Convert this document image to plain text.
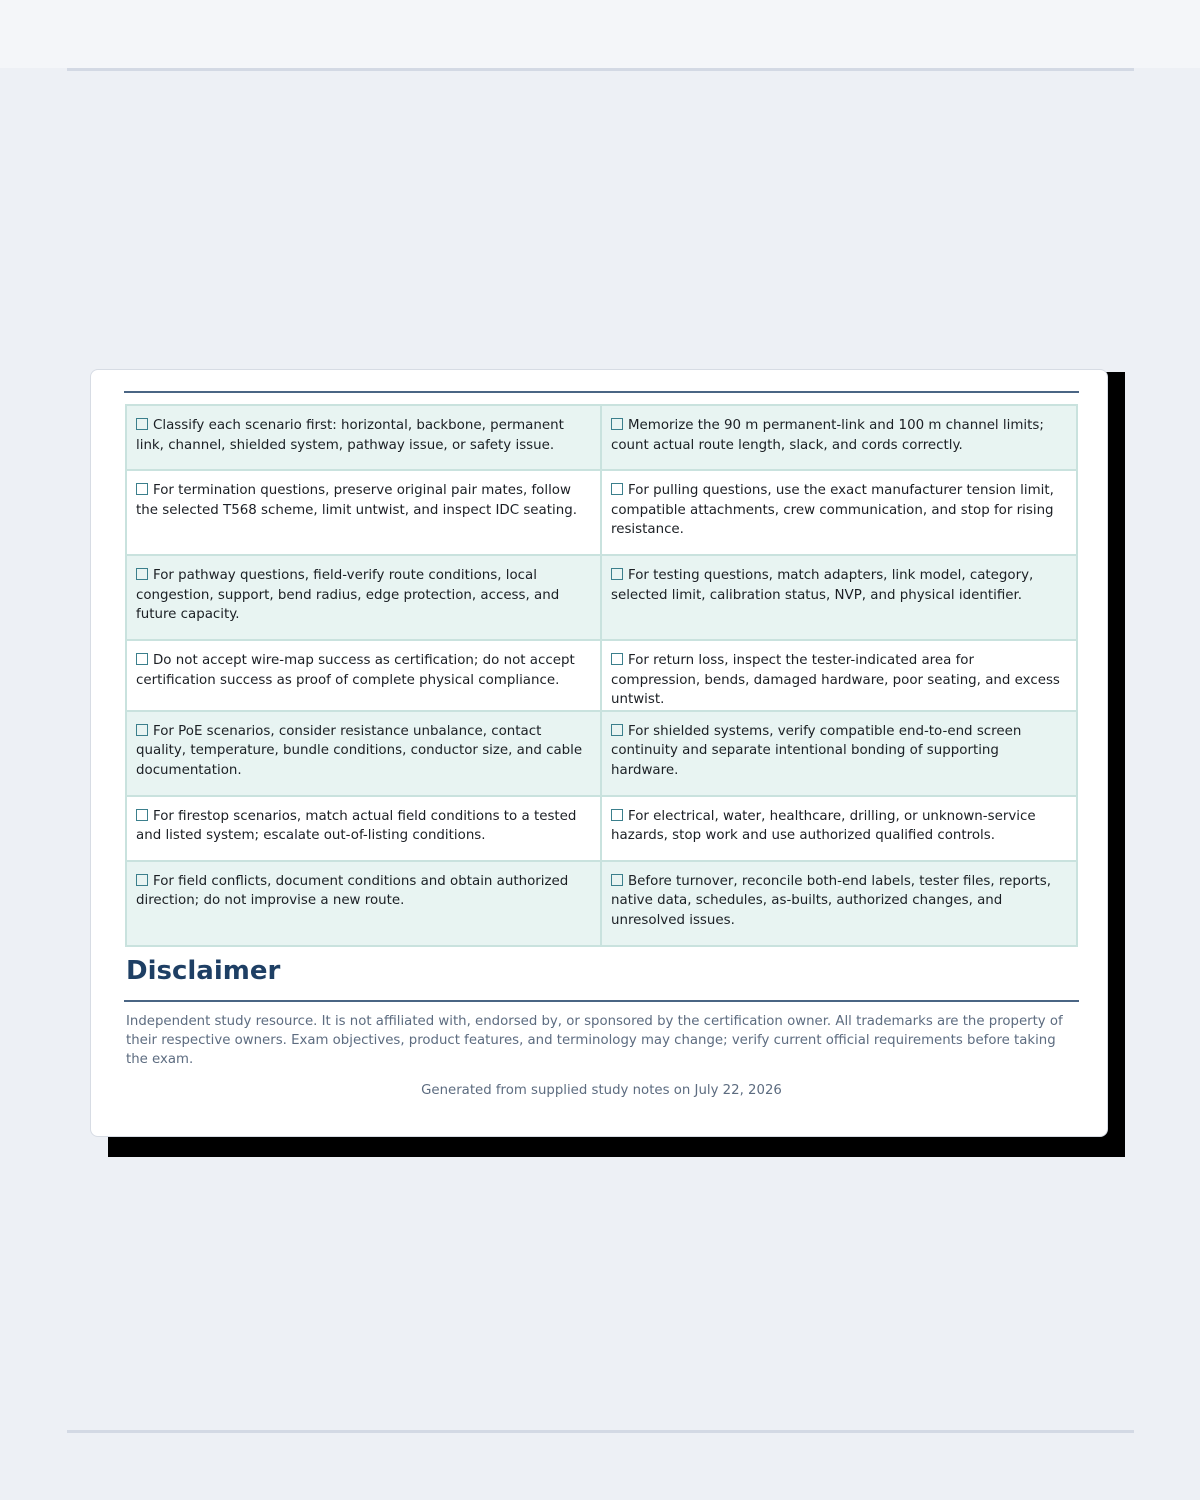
Classify each scenario first: horizontal, backbone, permanent link, channel, shielded system, pathway issue, or safety issue.	Memorize the 90 m permanent-link and 100 m channel limits; count actual route length, slack, and cords correctly.
For termination questions, preserve original pair mates, follow the selected T568 scheme, limit untwist, and inspect IDC seating.	For pulling questions, use the exact manufacturer tension limit, compatible attachments, crew communication, and stop for rising resistance.
For pathway questions, field-verify route conditions, local congestion, support, bend radius, edge protection, access, and future capacity.	For testing questions, match adapters, link model, category, selected limit, calibration status, NVP, and physical identifier.
Do not accept wire-map success as certification; do not accept certification success as proof of complete physical compliance.	For return loss, inspect the tester-indicated area for compression, bends, damaged hardware, poor seating, and excess untwist.
For PoE scenarios, consider resistance unbalance, contact quality, temperature, bundle conditions, conductor size, and cable documentation.	For shielded systems, verify compatible end-to-end screen continuity and separate intentional bonding of supporting hardware.
For firestop scenarios, match actual field conditions to a tested and listed system; escalate out-of-listing conditions.	For electrical, water, healthcare, drilling, or unknown-service hazards, stop work and use authorized qualified controls.
For field conflicts, document conditions and obtain authorized direction; do not improvise a new route.	Before turnover, reconcile both-end labels, tester files, reports, native data, schedules, as-builts, authorized changes, and unresolved issues.
Disclaimer

Independent study resource. It is not affiliated with, endorsed by, or sponsored by the certification owner. All trademarks are the property of their respective owners. Exam objectives, product features, and terminology may change; verify current official requirements before taking the exam.

Generated from supplied study notes on July 22, 2026
